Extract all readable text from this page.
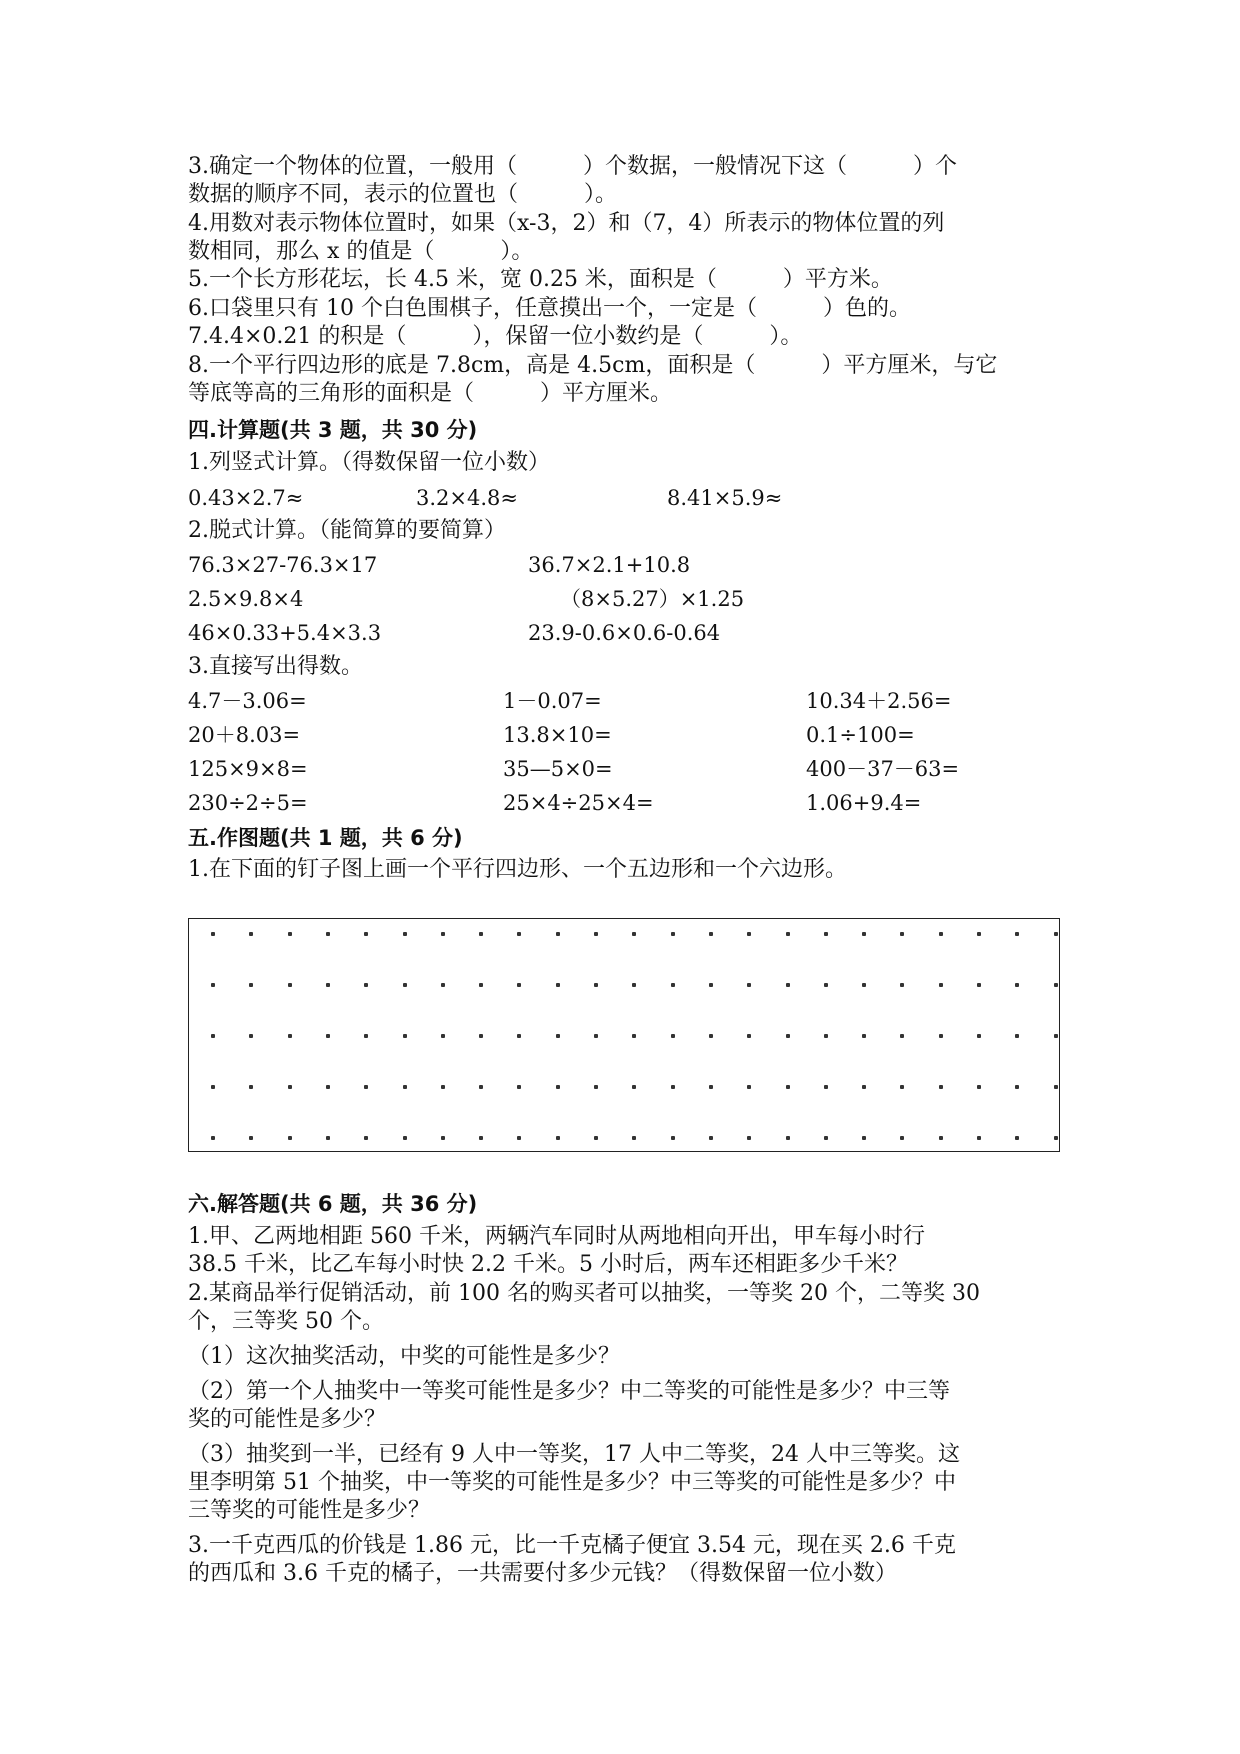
3.确定一个物体的位置，一般用（　　　）个数据，一般情况下这（　　　）个
数据的顺序不同，表示的位置也（　　　）。
4.用数对表示物体位置时，如果（x-3，2）和（7，4）所表示的物体位置的列
数相同，那么 x 的值是（　　　）。
5.一个长方形花坛，长 4.5 米，宽 0.25 米，面积是（　　　）平方米。
6.口袋里只有 10 个白色围棋子，任意摸出一个，一定是（　　　）色的。
7.4.4×0.21 的积是（　　　），保留一位小数约是（　　　）。
8.一个平行四边形的底是 7.8cm，高是 4.5cm，面积是（　　　）平方厘米，与它
等底等高的三角形的面积是（　　　）平方厘米。
四.计算题(共 3 题，共 30 分)
1.列竖式计算。（得数保留一位小数）
0.43×2.7≈	3.2×4.8≈	8.41×5.9≈
2.脱式计算。（能简算的要简算）
76.3×27-76.3×17	36.7×2.1+10.8
2.5×9.8×4	（8×5.27）×1.25
46×0.33+5.4×3.3	23.9-0.6×0.6-0.64
3.直接写出得数。
4.7－3.06=	1－0.07=	10.34＋2.56=
20＋8.03=	13.8×10=	0.1÷100=
125×9×8=	35—5×0=	400－37－63=
230÷2÷5=	25×4÷25×4=	1.06+9.4=
五.作图题(共 1 题，共 6 分)
1.在下面的钉子图上画一个平行四边形、一个五边形和一个六边形。
六.解答题(共 6 题，共 36 分)
1.甲、乙两地相距 560 千米，两辆汽车同时从两地相向开出，甲车每小时行
38.5 千米，比乙车每小时快 2.2 千米。5 小时后，两车还相距多少千米？
2.某商品举行促销活动，前 100 名的购买者可以抽奖，一等奖 20 个，二等奖 30
个，三等奖 50 个。
（1）这次抽奖活动，中奖的可能性是多少？
（2）第一个人抽奖中一等奖可能性是多少？中二等奖的可能性是多少？中三等
奖的可能性是多少？
（3）抽奖到一半，已经有 9 人中一等奖，17 人中二等奖，24 人中三等奖。这
里李明第 51 个抽奖，中一等奖的可能性是多少？中三等奖的可能性是多少？中
三等奖的可能性是多少？
3.一千克西瓜的价钱是 1.86 元，比一千克橘子便宜 3.54 元，现在买 2.6 千克
的西瓜和 3.6 千克的橘子，一共需要付多少元钱？（得数保留一位小数）
